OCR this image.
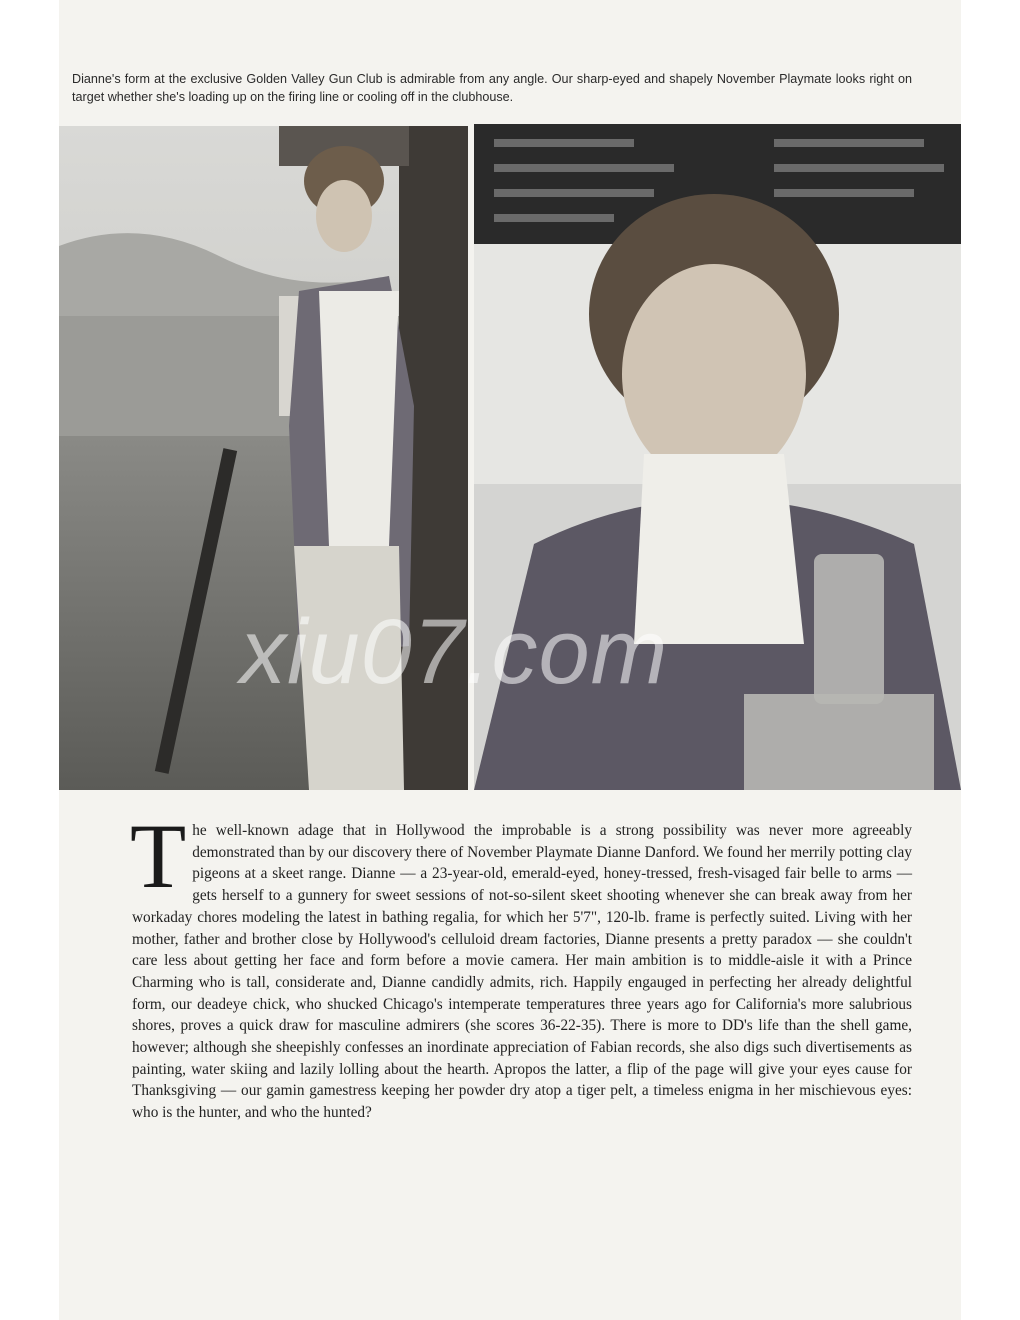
Dianne's form at the exclusive Golden Valley Gun Club is admirable from any angle. Our sharp-eyed and shapely November Playmate looks right on target whether she's loading up on the firing line or cooling off in the clubhouse.
xiu07.com
T he well-known adage that in Hollywood the improbable is a strong possibility was never more agreeably demonstrated than by our discovery there of November Playmate Dianne Danford. We found her merrily potting clay pigeons at a skeet range. Dianne — a 23-year-old, emerald-eyed, honey-tressed, fresh-visaged fair belle to arms — gets herself to a gunnery for sweet sessions of not-so-silent skeet shooting whenever she can break away from her workaday chores modeling the latest in bathing regalia, for which her 5'7", 120-lb. frame is perfectly suited. Living with her mother, father and brother close by Hollywood's celluloid dream factories, Dianne presents a pretty paradox — she couldn't care less about getting her face and form before a movie camera. Her main ambition is to middle-aisle it with a Prince Charming who is tall, considerate and, Dianne candidly admits, rich. Happily engauged in perfecting her already delightful form, our deadeye chick, who shucked Chicago's intemperate temperatures three years ago for California's more salubrious shores, proves a quick draw for masculine admirers (she scores 36-22-35). There is more to DD's life than the shell game, however; although she sheepishly confesses an inordinate appreciation of Fabian records, she also digs such divertisements as painting, water skiing and lazily lolling about the hearth. Apropos the latter, a flip of the page will give your eyes cause for Thanksgiving — our gamin gamestress keeping her powder dry atop a tiger pelt, a timeless enigma in her mischievous eyes: who is the hunter, and who the hunted?
